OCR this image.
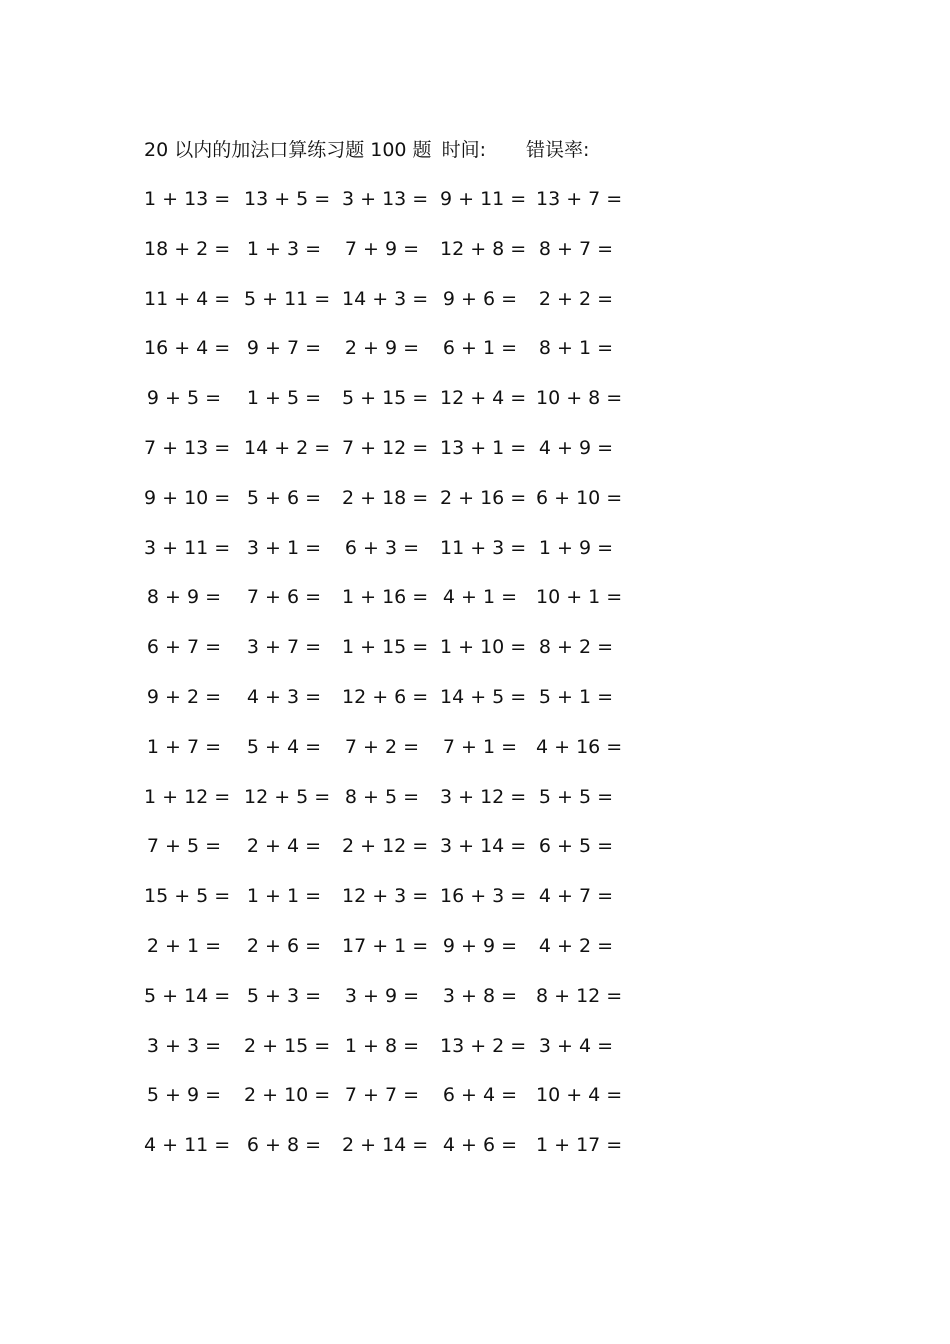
20 以内的加法口算练习题 100 题 时间: 错误率:
1 + 13 = 13 + 5 = 3 + 13 = 9 + 11 = 13 + 7 =
18 + 2 = 1 + 3 = 7 + 9 = 12 + 8 = 8 + 7 =
11 + 4 = 5 + 11 = 14 + 3 = 9 + 6 = 2 + 2 =
16 + 4 = 9 + 7 = 2 + 9 = 6 + 1 = 8 + 1 =
9 + 5 = 1 + 5 = 5 + 15 = 12 + 4 = 10 + 8 =
7 + 13 = 14 + 2 = 7 + 12 = 13 + 1 = 4 + 9 =
9 + 10 = 5 + 6 = 2 + 18 = 2 + 16 = 6 + 10 =
3 + 11 = 3 + 1 = 6 + 3 = 11 + 3 = 1 + 9 =
8 + 9 = 7 + 6 = 1 + 16 = 4 + 1 = 10 + 1 =
6 + 7 = 3 + 7 = 1 + 15 = 1 + 10 = 8 + 2 =
9 + 2 = 4 + 3 = 12 + 6 = 14 + 5 = 5 + 1 =
1 + 7 = 5 + 4 = 7 + 2 = 7 + 1 = 4 + 16 =
1 + 12 = 12 + 5 = 8 + 5 = 3 + 12 = 5 + 5 =
7 + 5 = 2 + 4 = 2 + 12 = 3 + 14 = 6 + 5 =
15 + 5 = 1 + 1 = 12 + 3 = 16 + 3 = 4 + 7 =
2 + 1 = 2 + 6 = 17 + 1 = 9 + 9 = 4 + 2 =
5 + 14 = 5 + 3 = 3 + 9 = 3 + 8 = 8 + 12 =
3 + 3 = 2 + 15 = 1 + 8 = 13 + 2 = 3 + 4 =
5 + 9 = 2 + 10 = 7 + 7 = 6 + 4 = 10 + 4 =
4 + 11 = 6 + 8 = 2 + 14 = 4 + 6 = 1 + 17 =
